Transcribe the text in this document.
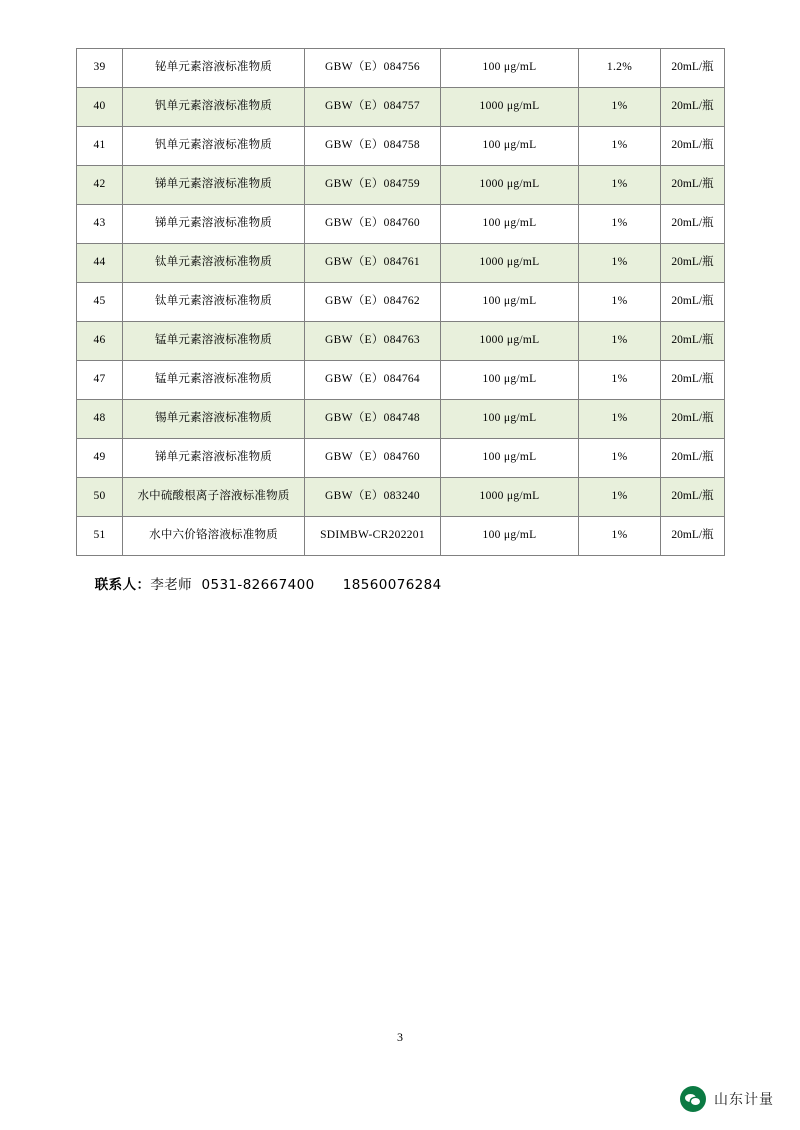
39	铋单元素溶液标准物质	GBW（E）084756	100 μg/mL	1.2%	20mL/瓶
40	钒单元素溶液标准物质	GBW（E）084757	1000 μg/mL	1%	20mL/瓶
41	钒单元素溶液标准物质	GBW（E）084758	100 μg/mL	1%	20mL/瓶
42	锑单元素溶液标准物质	GBW（E）084759	1000 μg/mL	1%	20mL/瓶
43	锑单元素溶液标准物质	GBW（E）084760	100 μg/mL	1%	20mL/瓶
44	钛单元素溶液标准物质	GBW（E）084761	1000 μg/mL	1%	20mL/瓶
45	钛单元素溶液标准物质	GBW（E）084762	100 μg/mL	1%	20mL/瓶
46	锰单元素溶液标准物质	GBW（E）084763	1000 μg/mL	1%	20mL/瓶
47	锰单元素溶液标准物质	GBW（E）084764	100 μg/mL	1%	20mL/瓶
48	锡单元素溶液标准物质	GBW（E）084748	100 μg/mL	1%	20mL/瓶
49	锑单元素溶液标准物质	GBW（E）084760	100 μg/mL	1%	20mL/瓶
50	水中硫酸根离子溶液标准物质	GBW（E）083240	1000 μg/mL	1%	20mL/瓶
51	水中六价铬溶液标准物质	SDIMBW-CR202201	100 μg/mL	1%	20mL/瓶

联系人：李老师 0531-82667400 18560076284

3
山东计量
